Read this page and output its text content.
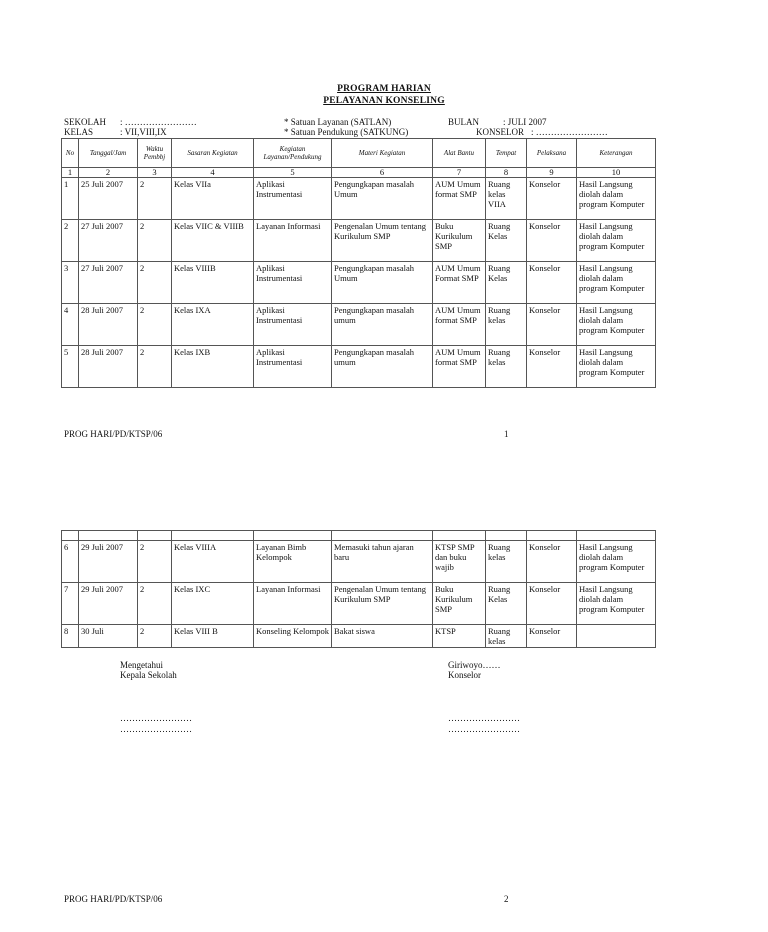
PROGRAM HARIAN
PELAYANAN KONSELING
SEKOLAH : ……………………	* Satuan Layanan (SATLAN)	BULAN	: JULI 2007
KELAS	: VII,VIII,IX	* Satuan Pendukung (SATKUNG)	KONSELOR : ……………………
No	Tanggal/Jam	Waktu Pembbj	Sasaran Kegiatan	Kegiatan Layanan/Pendukung	Materi Kegiatan	Alat Bantu	Tempat	Pelaksana	Keterangan
1	2	3	4	5	6	7	8	9	10
1	25 Juli 2007	2	Kelas VIIa	Aplikasi Instrumentasi	Pengungkapan masalah Umum	AUM Umum format SMP	Ruang kelas VIIA	Konselor	Hasil Langsung diolah dalam program Komputer
2	27 Juli 2007	2	Kelas VIIC & VIIIB	Layanan Informasi	Pengenalan Umum tentang Kurikulum SMP	Buku Kurikulum SMP	Ruang Kelas	Konselor	Hasil Langsung diolah dalam program Komputer
3	27 Juli 2007	2	Kelas VIIIB	Aplikasi Instrumentasi	Pengungkapan masalah Umum	AUM Umum Format SMP	Ruang Kelas	Konselor	Hasil Langsung diolah dalam program Komputer
4	28 Juli 2007	2	Kelas IXA	Aplikasi Instrumentasi	Pengungkapan masalah umum	AUM Umum format SMP	Ruang kelas	Konselor	Hasil Langsung diolah dalam program Komputer
5	28 Juli 2007	2	Kelas IXB	Aplikasi Instrumentasi	Pengungkapan masalah umum	AUM Umum format SMP	Ruang kelas	Konselor	Hasil Langsung diolah dalam program Komputer
PROG HARI/PD/KTSP/06	1

6	29 Juli 2007	2	Kelas VIIIA	Layanan Bimb Kelompok	Memasuki tahun ajaran baru	KTSP SMP dan buku wajib	Ruang kelas	Konselor	Hasil Langsung diolah dalam program Komputer
7	29 Juli 2007	2	Kelas IXC	Layanan Informasi	Pengenalan Umum tentang Kurikulum SMP	Buku Kurikulum SMP	Ruang Kelas	Konselor	Hasil Langsung diolah dalam program Komputer
8	30 Juli	2	Kelas VIII B	Konseling Kelompok	Bakat siswa	KTSP	Ruang kelas	Konselor	
Mengetahui
Kepala Sekolah
Giriwoyo……
Konselor
……………………
……………………
……………………
……………………
PROG HARI/PD/KTSP/06	2
